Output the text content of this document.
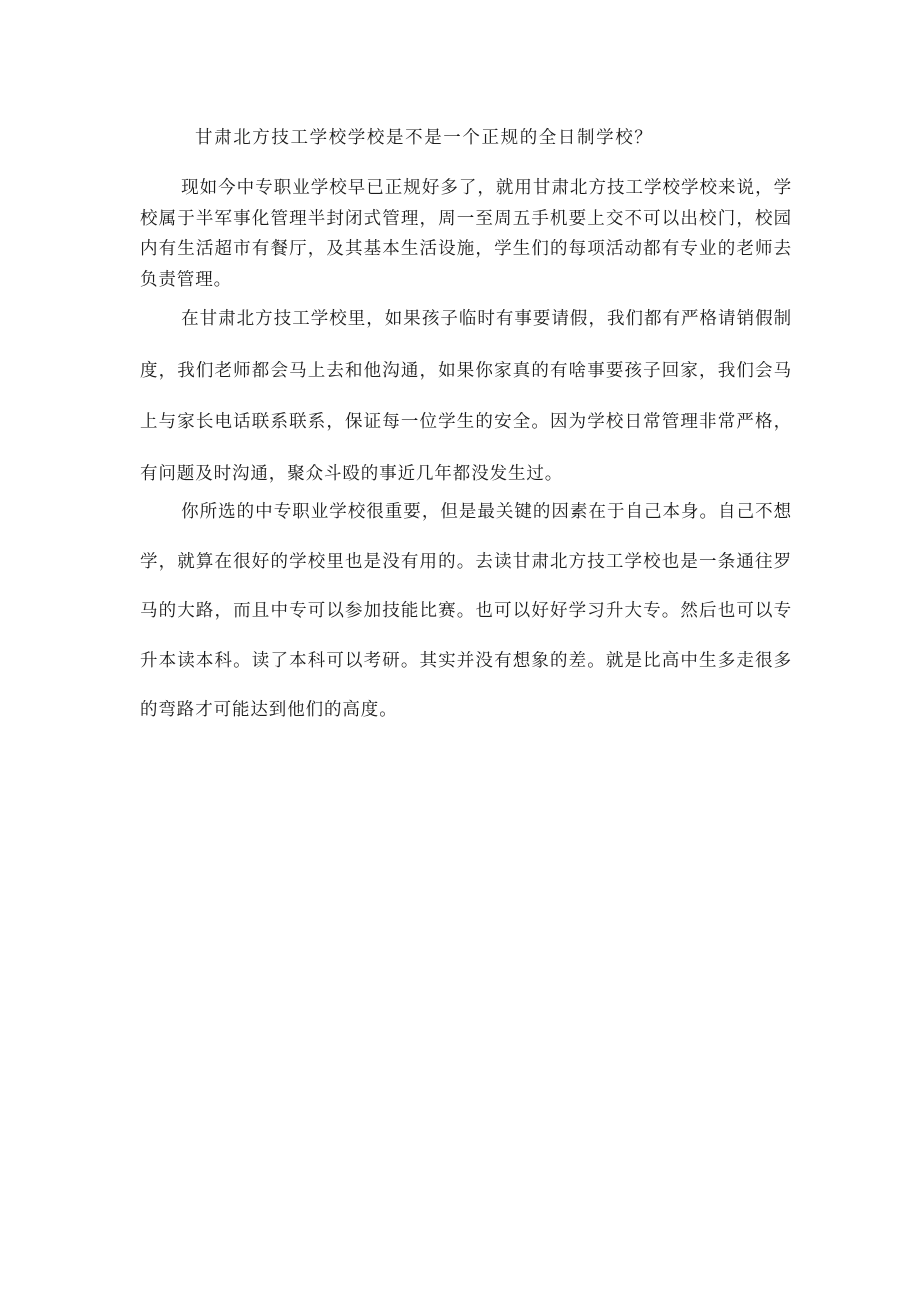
甘肃北方技工学校学校是不是一个正规的全日制学校？

现如今中专职业学校早已正规好多了，就用甘肃北方技工学校学校来说，学校属于半军事化管理半封闭式管理，周一至周五手机要上交不可以出校门，校园内有生活超市有餐厅，及其基本生活设施，学生们的每项活动都有专业的老师去负责管理。

在甘肃北方技工学校里，如果孩子临时有事要请假，我们都有严格请销假制度，我们老师都会马上去和他沟通，如果你家真的有啥事要孩子回家，我们会马上与家长电话联系联系，保证每一位学生的安全。因为学校日常管理非常严格，有问题及时沟通，聚众斗殴的事近几年都没发生过。

你所选的中专职业学校很重要，但是最关键的因素在于自己本身。自己不想学，就算在很好的学校里也是没有用的。去读甘肃北方技工学校也是一条通往罗马的大路，而且中专可以参加技能比赛。也可以好好学习升大专。然后也可以专升本读本科。读了本科可以考研。其实并没有想象的差。就是比高中生多走很多的弯路才可能达到他们的高度。
